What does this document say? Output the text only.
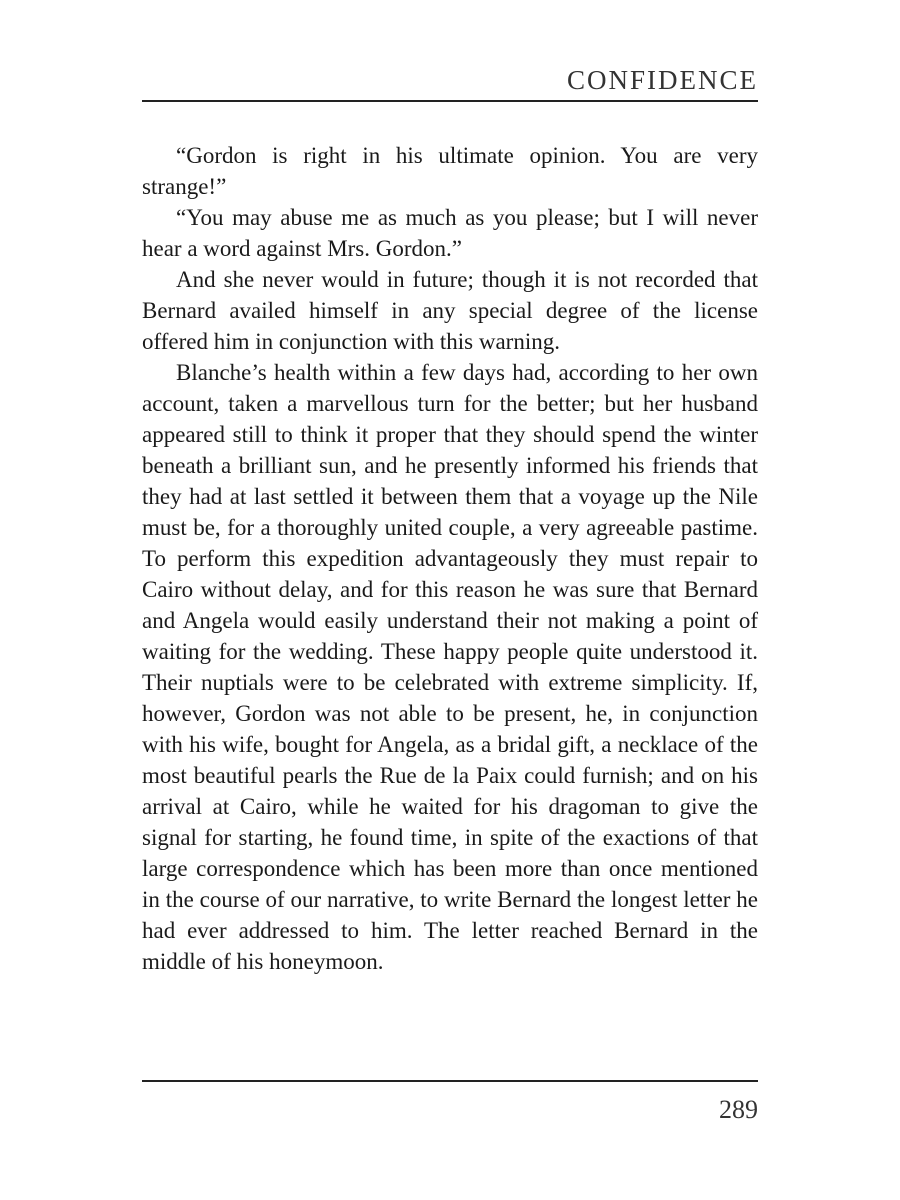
CONFIDENCE

“Gordon is right in his ultimate opinion. You are very strange!”

“You may abuse me as much as you please; but I will never hear a word against Mrs. Gordon.”

And she never would in future; though it is not recorded that Bernard availed himself in any special degree of the license offered him in conjunction with this warning.

Blanche’s health within a few days had, according to her own account, taken a marvellous turn for the better; but her husband appeared still to think it proper that they should spend the winter beneath a brilliant sun, and he presently informed his friends that they had at last settled it between them that a voyage up the Nile must be, for a thoroughly united couple, a very agreeable pastime. To perform this expedition advantageously they must repair to Cairo without delay, and for this reason he was sure that Bernard and Angela would easily understand their not making a point of waiting for the wedding. These happy people quite understood it. Their nuptials were to be celebrated with extreme simplicity. If, however, Gordon was not able to be present, he, in conjunction with his wife, bought for Angela, as a bridal gift, a necklace of the most beautiful pearls the Rue de la Paix could furnish; and on his arrival at Cairo, while he waited for his dragoman to give the signal for starting, he found time, in spite of the exactions of that large correspondence which has been more than once mentioned in the course of our narrative, to write Bernard the longest letter he had ever addressed to him. The letter reached Bernard in the middle of his honeymoon.

289
